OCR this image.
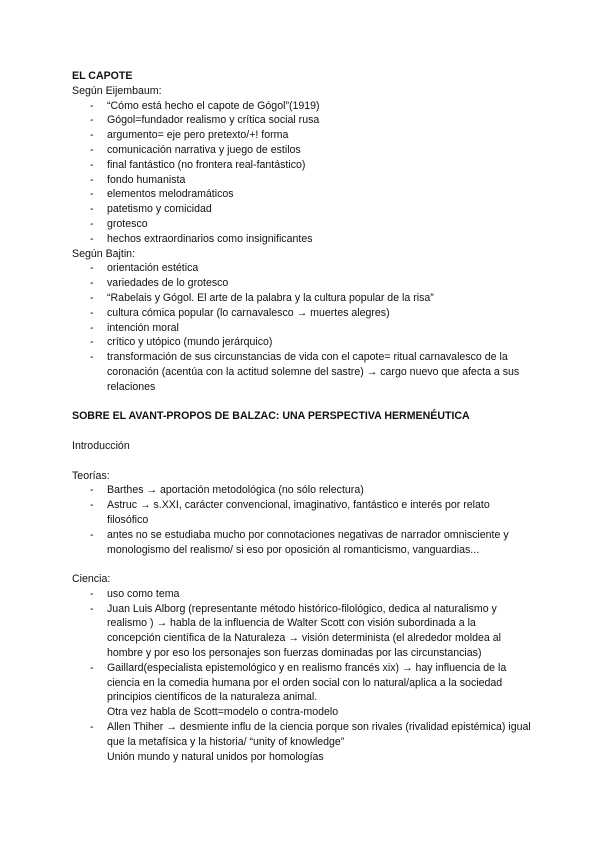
EL CAPOTE

Según Eijembaum:

- “Cómo está hecho el capote de Gógol”(1919)
- Gógol=fundador realismo y crítica social rusa
- argumento= eje pero pretexto/+! forma
- comunicación narrativa y juego de estilos
- final fantástico (no frontera real-fantástico)
- fondo humanista
- elementos melodramáticos
- patetismo y comicidad
- grotesco
- hechos extraordinarios como insignificantes

Según Bajtin:

- orientación estética
- variedades de lo grotesco
- “Rabelais y Gógol. El arte de la palabra y la cultura popular de la risa”
- cultura cómica popular (lo carnavalesco → muertes alegres)
- intención moral
- crítico y utópico (mundo jerárquico)
- transformación de sus circunstancias de vida con el capote= ritual carnavalesco de la coronación (acentúa con la actitud solemne del sastre) → cargo nuevo que afecta a sus relaciones

SOBRE EL AVANT-PROPOS DE BALZAC: UNA PERSPECTIVA HERMENÉUTICA

Introducción

Teorías:

- Barthes → aportación metodológica (no sólo relectura)
- Astruc → s.XXI, carácter convencional, imaginativo, fantástico e interés por relato filosófico
- antes no se estudiaba mucho por connotaciones negativas de narrador omnisciente y monologismo del realismo/ si eso por oposición al romanticismo, vanguardias...

Ciencia:

- uso como tema
- Juan Luis Alborg (representante método histórico-filológico, dedica al naturalismo y realismo ) → habla de la influencia de Walter Scott con visión subordinada a la concepción científica de la Naturaleza → visión determinista (el alrededor moldea al hombre y por eso los personajes son fuerzas dominadas por las circunstancias)
- Gaillard(especialista epistemológico y en realismo francés xix) → hay influencia de la ciencia en la comedia humana por el orden social con lo natural/aplica a la sociedad principios científicos de la naturaleza animal.
Otra vez habla de Scott=modelo o contra-modelo
- Allen Thiher → desmiente influ de la ciencia porque son rivales (rivalidad epistémica) igual que la metafísica y la historia/ “unity of knowledge”
Unión mundo y natural unidos por homologías
